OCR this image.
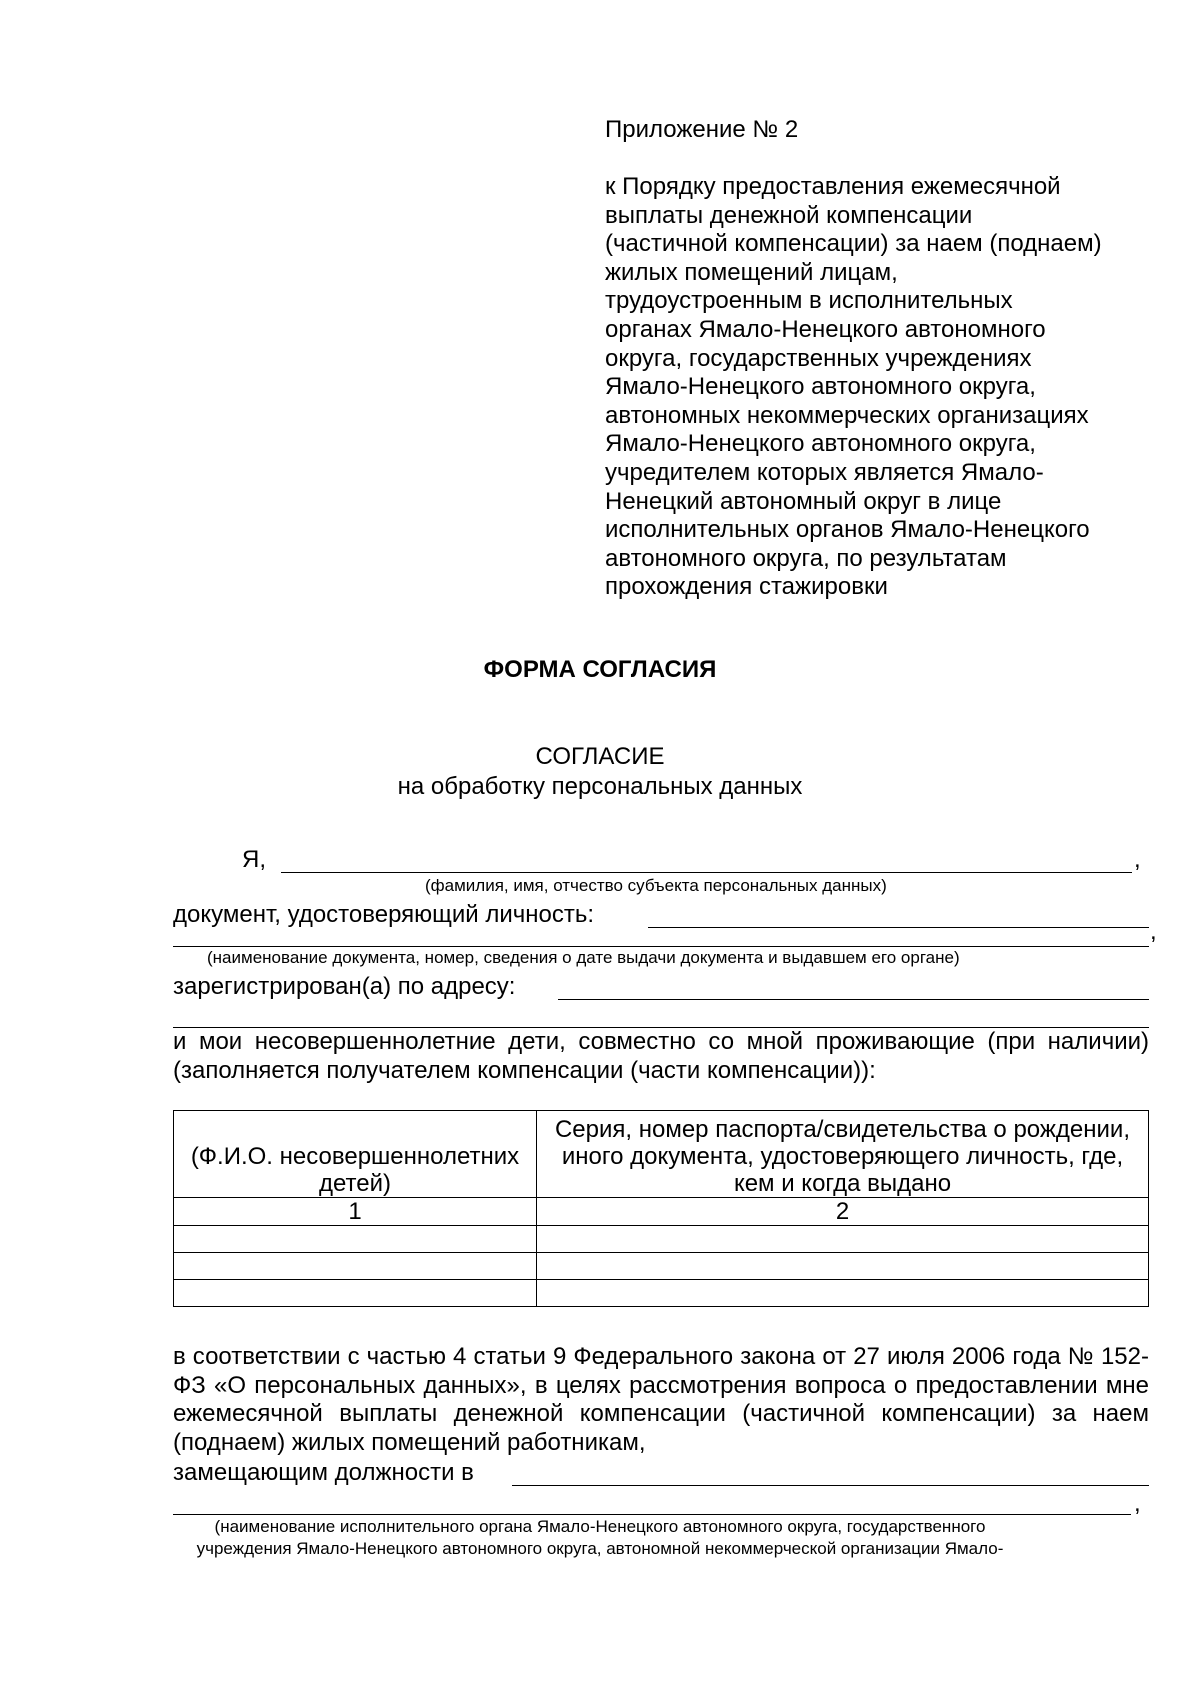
Приложение № 2
к Порядку предоставления ежемесячной
выплаты денежной компенсации
(частичной компенсации) за наем (поднаем)
жилых помещений лицам,
трудоустроенным в исполнительных
органах Ямало-Ненецкого автономного
округа, государственных учреждениях
Ямало-Ненецкого автономного округа,
автономных некоммерческих организациях
Ямало-Ненецкого автономного округа,
учредителем которых является Ямало-
Ненецкий автономный округ в лице
исполнительных органов Ямало-Ненецкого
автономного округа, по результатам
прохождения стажировки
ФОРМА СОГЛАСИЯ
СОГЛАСИЕ
на обработку персональных данных
Я,	,
(фамилия, имя, отчество субъекта персональных данных)
документ, удостоверяющий личность:
,
(наименование документа, номер, сведения о дате выдачи документа и выдавшем его органе)
зарегистрирован(а) по адресу:
и мои несовершеннолетние дети, совместно со мной проживающие (при наличии) (заполняется получателем компенсации (части компенсации)):
(Ф.И.О. несовершеннолетних детей)	Серия, номер паспорта/свидетельства о рождении, иного документа, удостоверяющего личность, где, кем и когда выдано
1	2

в соответствии с частью 4 статьи 9 Федерального закона от 27 июля 2006 года № 152-ФЗ «О персональных данных», в целях рассмотрения вопроса о предоставлении мне ежемесячной выплаты денежной компенсации (частичной компенсации) за наем (поднаем) жилых помещений работникам,
замещающим должности в
,
(наименование исполнительного органа Ямало-Ненецкого автономного округа, государственного
учреждения Ямало-Ненецкого автономного округа, автономной некоммерческой организации Ямало-
